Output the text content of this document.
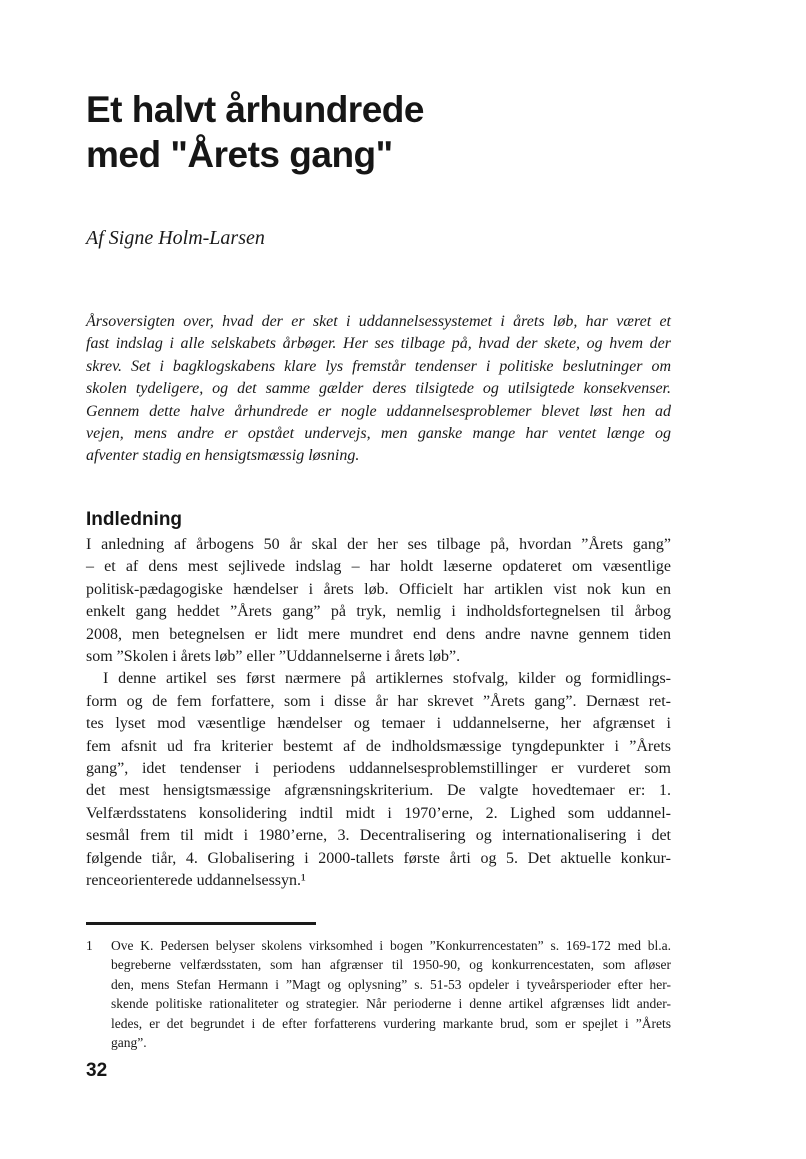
Et halvt århundrede
med "Årets gang"
Af Signe Holm-Larsen
Årsoversigten over, hvad der er sket i uddannelsessystemet i årets løb, har været et
fast indslag i alle selskabets årbøger. Her ses tilbage på, hvad der skete, og hvem der
skrev. Set i bagklogskabens klare lys fremstår tendenser i politiske beslutninger om
skolen tydeligere, og det samme gælder deres tilsigtede og utilsigtede konsekvenser.
Gennem dette halve århundrede er nogle uddannelsesproblemer blevet løst hen ad
vejen, mens andre er opstået undervejs, men ganske mange har ventet længe og
afventer stadig en hensigtsmæssig løsning.
Indledning
I anledning af årbogens 50 år skal der her ses tilbage på, hvordan ”Årets gang”
– et af dens mest sejlivede indslag – har holdt læserne opdateret om væsentlige
politisk-pædagogiske hændelser i årets løb. Officielt har artiklen vist nok kun en
enkelt gang heddet ”Årets gang” på tryk, nemlig i indholdsfortegnelsen til årbog
2008, men betegnelsen er lidt mere mundret end dens andre navne gennem tiden
som ”Skolen i årets løb” eller ”Uddannelserne i årets løb”.
I denne artikel ses først nærmere på artiklernes stofvalg, kilder og formidlings-
form og de fem forfattere, som i disse år har skrevet ”Årets gang”. Dernæst ret-
tes lyset mod væsentlige hændelser og temaer i uddannelserne, her afgrænset i
fem afsnit ud fra kriterier bestemt af de indholdsmæssige tyngdepunkter i ”Årets
gang”, idet tendenser i periodens uddannelsesproblemstillinger er vurderet som
det mest hensigtsmæssige afgrænsningskriterium. De valgte hovedtemaer er: 1.
Velfærdsstatens konsolidering indtil midt i 1970’erne, 2. Lighed som uddannel-
sesmål frem til midt i 1980’erne, 3. Decentralisering og internationalisering i det
følgende tiår, 4. Globalisering i 2000-tallets første årti og 5. Det aktuelle konkur-
renceorienterede uddannelsessyn.¹
1 Ove K. Pedersen belyser skolens virksomhed i bogen ”Konkurrencestaten” s. 169-172 med bl.a.
begreberne velfærdsstaten, som han afgrænser til 1950-90, og konkurrencestaten, som afløser
den, mens Stefan Hermann i ”Magt og oplysning” s. 51-53 opdeler i tyveårsperioder efter her-
skende politiske rationaliteter og strategier. Når perioderne i denne artikel afgrænses lidt ander-
ledes, er det begrundet i de efter forfatterens vurdering markante brud, som er spejlet i ”Årets
gang”.
32
